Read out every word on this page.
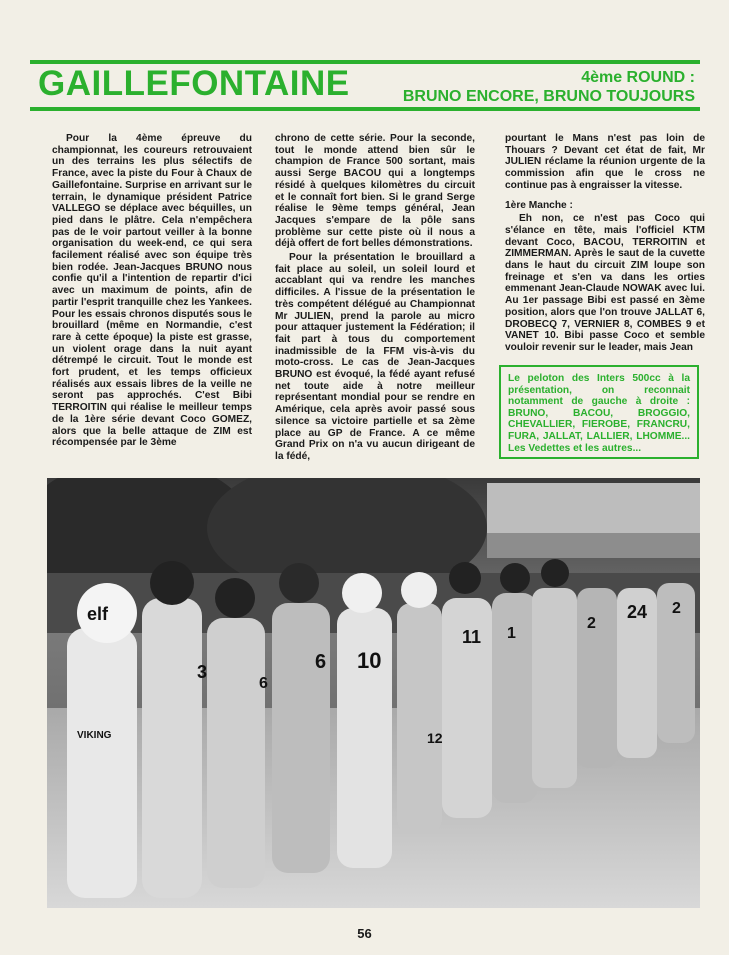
GAILLEFONTAINE	4ème ROUND :
BRUNO ENCORE, BRUNO TOUJOURS

Pour la 4ème épreuve du championnat, les coureurs retrouvaient un des terrains les plus sélectifs de France, avec la piste du Four à Chaux de Gaillefontaine. Surprise en arrivant sur le terrain, le dynamique président Patrice VALLEGO se déplace avec béquilles, un pied dans le plâtre. Cela n'empêchera pas de le voir partout veiller à la bonne organisation du week-end, ce qui sera facilement réalisé avec son équipe très bien rodée. Jean-Jacques BRUNO nous confie qu'il a l'intention de repartir d'ici avec un maximum de points, afin de partir l'esprit tranquille chez les Yankees. Pour les essais chronos disputés sous le brouillard (même en Normandie, c'est rare à cette époque) la piste est grasse, un violent orage dans la nuit ayant détrempé le circuit. Tout le monde est fort prudent, et les temps officieux réalisés aux essais libres de la veille ne seront pas approchés. C'est Bibi TERROITIN qui réalise le meilleur temps de la 1ère série devant Coco GOMEZ, alors que la belle attaque de ZIM est récompensée par le 3ème

chrono de cette série. Pour la seconde, tout le monde attend bien sûr le champion de France 500 sortant, mais aussi Serge BACOU qui a longtemps résidé à quelques kilomètres du circuit et le connaît fort bien. Si le grand Serge réalise le 9ème temps général, Jean Jacques s'empare de la pôle sans problème sur cette piste où il nous a déjà offert de fort belles démonstrations.

Pour la présentation le brouillard a fait place au soleil, un soleil lourd et accablant qui va rendre les manches difficiles. A l'issue de la présentation le très compétent délégué au Championnat Mr JULIEN, prend la parole au micro pour attaquer justement la Fédération; il fait part à tous du comportement inadmissible de la FFM vis-à-vis du moto-cross. Le cas de Jean-Jacques BRUNO est évoqué, la fédé ayant refusé net toute aide à notre meilleur représentant mondial pour se rendre en Amérique, cela après avoir passé sous silence sa victoire partielle et sa 2ème place au GP de France. A ce même Grand Prix on n'a vu aucun dirigeant de la fédé,

pourtant le Mans n'est pas loin de Thouars ? Devant cet état de fait, Mr JULIEN réclame la réunion urgente de la commission afin que le cross ne continue pas à engraisser la vitesse.

1ère Manche :

Eh non, ce n'est pas Coco qui s'élance en tête, mais l'officiel KTM devant Coco, BACOU, TERROITIN et ZIMMERMAN. Après le saut de la cuvette dans le haut du circuit ZIM loupe son freinage et s'en va dans les orties emmenant Jean-Claude NOWAK avec lui. Au 1er passage Bibi est passé en 3ème position, alors que l'on trouve JALLAT 6, DROBECQ 7, VERNIER 8, COMBES 9 et VANET 10. Bibi passe Coco et semble vouloir revenir sur le leader, mais Jean

Le peloton des Inters 500cc à la présentation, on reconnait notamment de gauche à droite : BRUNO, BACOU, BROGGIO, CHEVALLIER, FIEROBE, FRANCRU, FURA, JALLAT, LALLIER, LHOMME... Les Vedettes et les autres...
3
6
6 10
11 1
2
24 2
12
elf
VIKING
56
